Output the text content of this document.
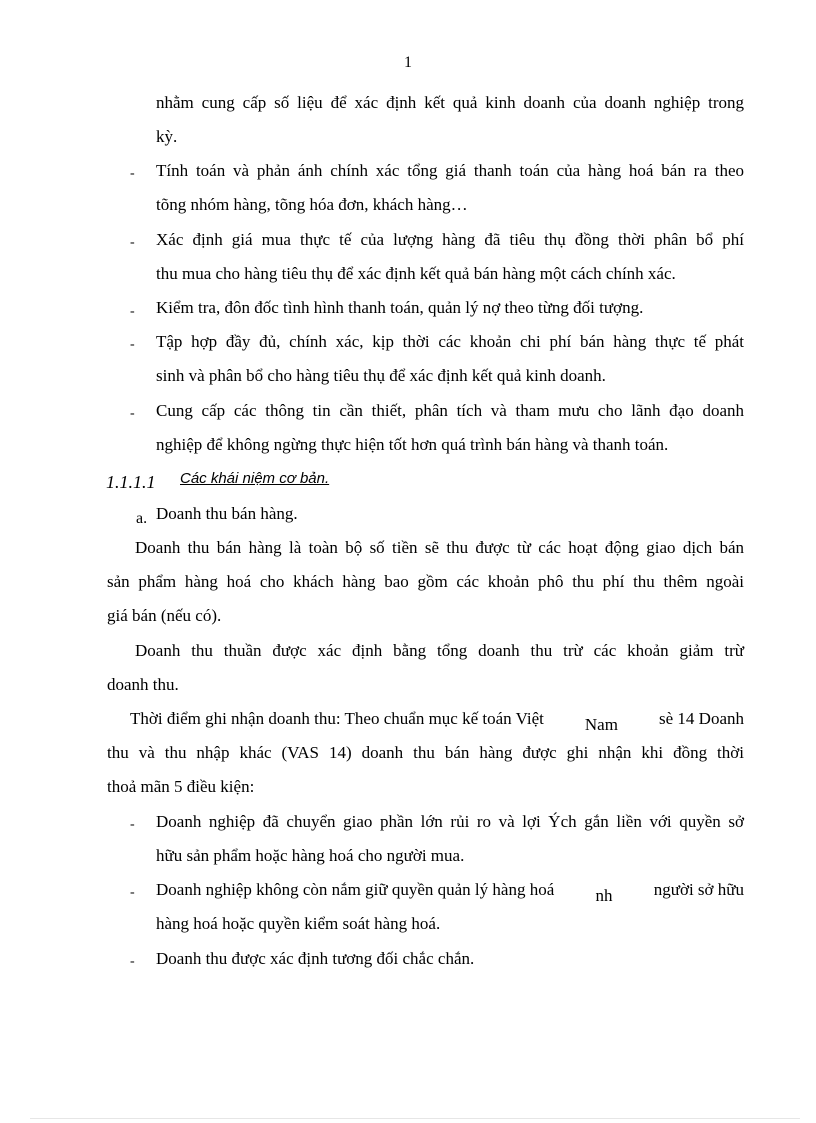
1
nhằm cung cấp số liệu để xác định kết quả kinh doanh của doanh nghiệp trong
kỳ.
- Tính toán và phản ánh chính xác tổng giá thanh toán của hàng hoá bán ra theo
tõng nhóm hàng, tõng hóa đơn, khách hàng…
- Xác định giá mua thực tế của lượng hàng đã tiêu thụ đồng thời phân bổ phí
thu mua cho hàng tiêu thụ để xác định kết quả bán hàng một cách chính xác.
- Kiểm tra, đôn đốc tình hình thanh toán, quản lý nợ theo từng đối tượng.
- Tập hợp đầy đủ, chính xác, kịp thời các khoản chi phí bán hàng thực tế phát
sinh và phân bổ cho hàng tiêu thụ để xác định kết quả kinh doanh.
- Cung cấp các thông tin cần thiết, phân tích và tham mưu cho lãnh đạo doanh
nghiệp để không ngừng thực hiện tốt hơn quá trình bán hàng và thanh toán.
1.1.1.1 Các khái niệm cơ bản.
a. Doanh thu bán hàng.
Doanh thu bán hàng là toàn bộ số tiền sẽ thu được từ các hoạt động giao dịch bán
sản phẩm hàng hoá cho khách hàng bao gồm các khoản phô thu phí thu thêm ngoài
giá bán (nếu có).
Doanh thu thuần được xác định bằng tổng doanh thu trừ các khoản giảm trừ
doanh thu.
Thời điểm ghi nhận doanh thu: Theo chuẩn mục kế toán Việt Nam sè 14 Doanh
thu và thu nhập khác (VAS 14) doanh thu bán hàng được ghi nhận khi đồng thời
thoả mãn 5 điều kiện:
- Doanh nghiệp đã chuyển giao phần lớn rủi ro và lợi Ých gắn liền với quyền sở
hữu sản phẩm hoặc hàng hoá cho người mua.
- Doanh nghiệp không còn nắm giữ quyền quản lý hàng hoá nh người sở hữu
hàng hoá hoặc quyền kiểm soát hàng hoá.
- Doanh thu được xác định tương đối chắc chắn.
